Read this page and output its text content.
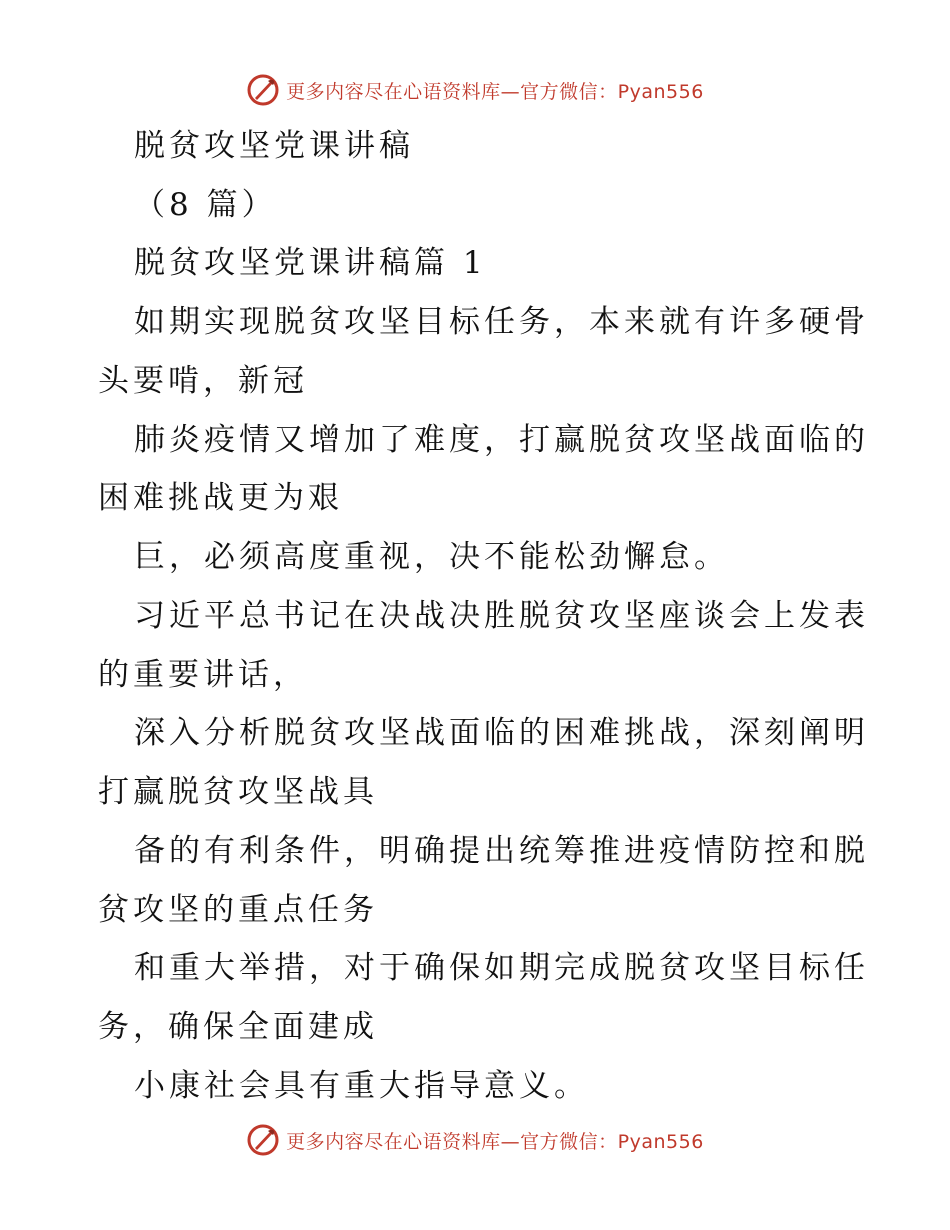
更多内容尽在心语资料库—官方微信：Pyan556
脱贫攻坚党课讲稿
（8 篇）
脱贫攻坚党课讲稿篇 1
如期实现脱贫攻坚目标任务，本来就有许多硬骨
头要啃，新冠
肺炎疫情又增加了难度，打赢脱贫攻坚战面临的
困难挑战更为艰
巨，必须高度重视，决不能松劲懈怠。
习近平总书记在决战决胜脱贫攻坚座谈会上发表
的重要讲话，
深入分析脱贫攻坚战面临的困难挑战，深刻阐明
打赢脱贫攻坚战具
备的有利条件，明确提出统筹推进疫情防控和脱
贫攻坚的重点任务
和重大举措，对于确保如期完成脱贫攻坚目标任
务，确保全面建成
小康社会具有重大指导意义。
更多内容尽在心语资料库—官方微信：Pyan556
